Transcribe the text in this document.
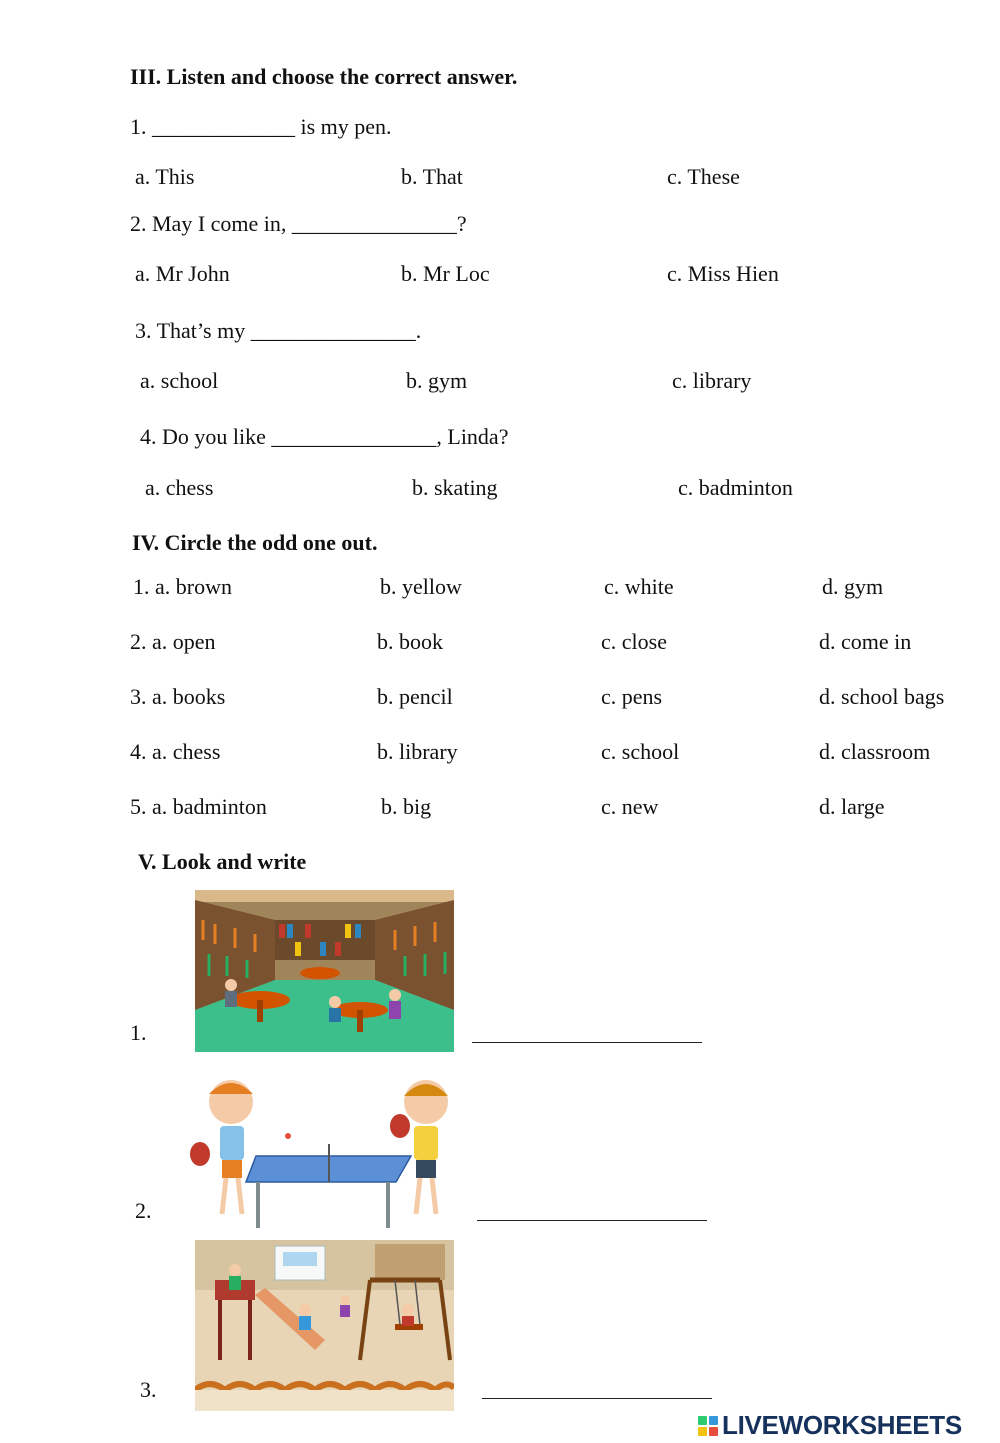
III. Listen and choose the correct answer.
1. _____________ is my pen.
a. This	b. That	c. These
2. May I come in, _______________?
a. Mr John	b. Mr Loc	c. Miss Hien
3. That’s my _______________.
a. school	b. gym	c. library
4. Do you like _______________, Linda?
a. chess	b. skating	c. badminton
IV. Circle the odd one out.
1. a. brown	b. yellow	c. white	d. gym
2. a. open	b. book	c. close	d. come in
3. a. books	b. pencil	c. pens	d. school bags
4. a. chess	b. library	c. school	d. classroom
5. a. badminton	b. big	c. new	d. large
V. Look and write
1.
2.
3.
LIVEWORKSHEETS
